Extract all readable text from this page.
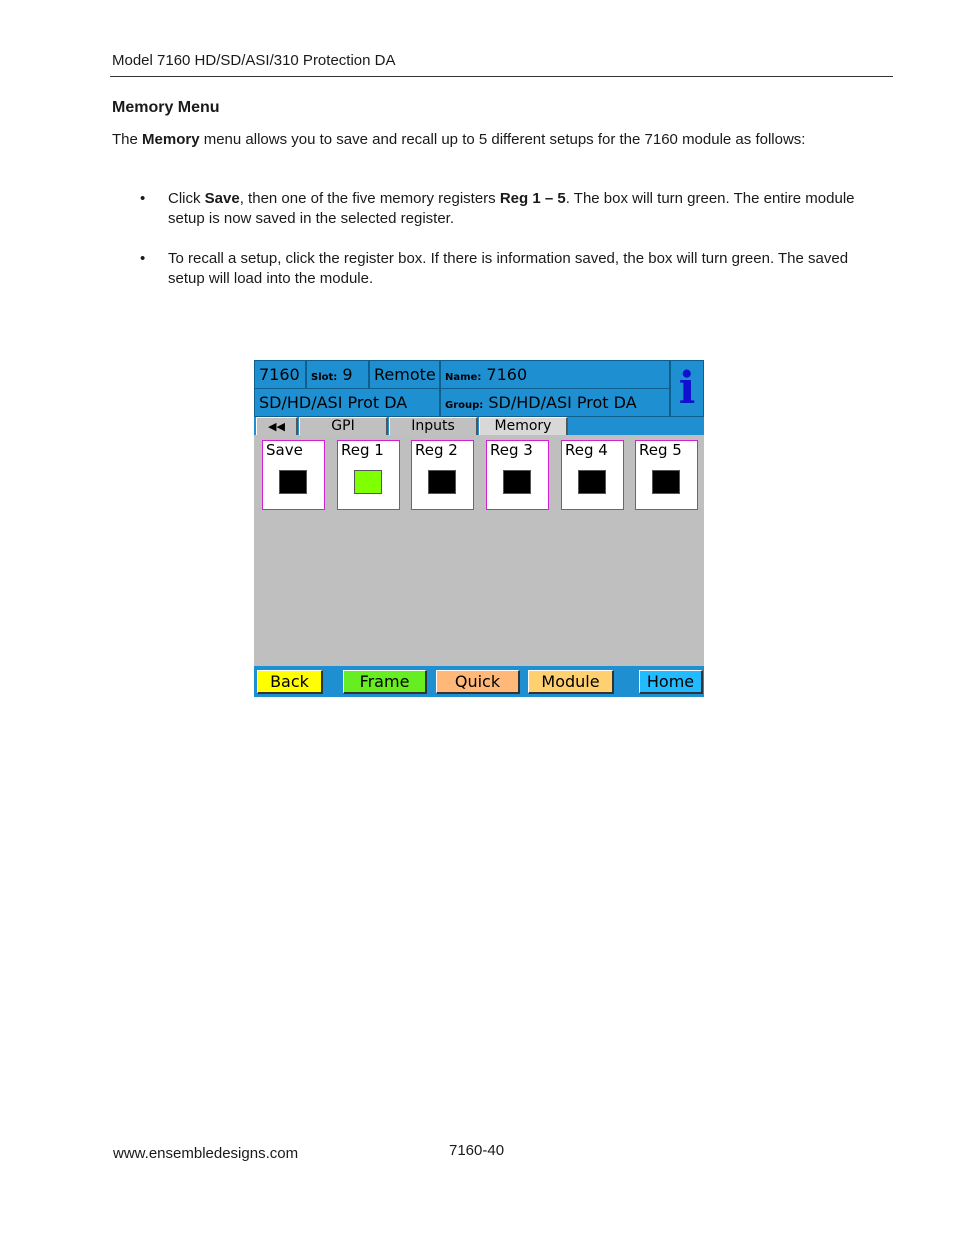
Model 7160 HD/SD/ASI/310 Protection DA
Memory Menu
The Memory menu allows you to save and recall up to 5 different setups for the 7160 module as follows:
• Click Save, then one of the five memory registers Reg 1 – 5. The box will turn green. The entire module setup is now saved in the selected register.
• To recall a setup, click the register box. If there is information saved, the box will turn green. The saved setup will load into the module.
7160	Slot: 9	Remote Name: 7160
SD/HD/ASI Prot DA	Group: SD/HD/ASI Prot DA i
◀◀	GPI	Inputs	Memory
Save	Reg 1 Reg 2 Reg 3 Reg 4 Reg 5
Back	Frame	Quick	Module	Home
www.ensembledesigns.com	7160-40
